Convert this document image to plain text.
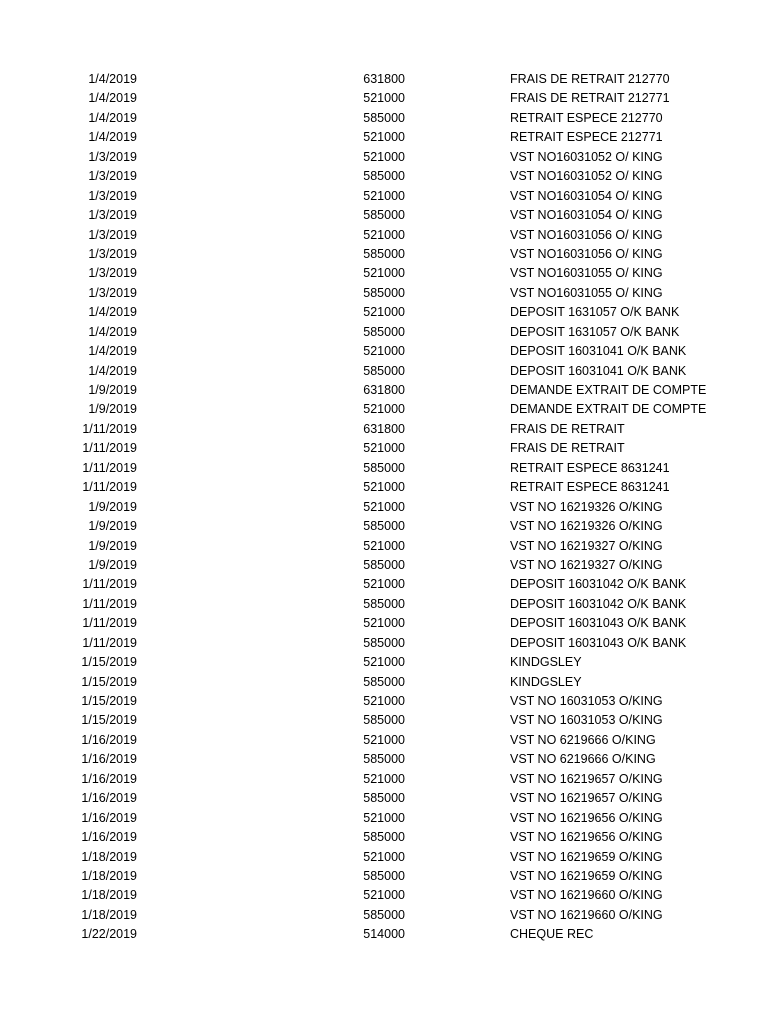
1/4/2019	631800	FRAIS DE RETRAIT 212770
1/4/2019	521000	FRAIS DE RETRAIT 212771
1/4/2019	585000	RETRAIT ESPECE 212770
1/4/2019	521000	RETRAIT ESPECE 212771
1/3/2019	521000	VST NO16031052 O/ KING
1/3/2019	585000	VST NO16031052 O/ KING
1/3/2019	521000	VST NO16031054 O/ KING
1/3/2019	585000	VST NO16031054 O/ KING
1/3/2019	521000	VST NO16031056 O/ KING
1/3/2019	585000	VST NO16031056 O/ KING
1/3/2019	521000	VST NO16031055 O/ KING
1/3/2019	585000	VST NO16031055 O/ KING
1/4/2019	521000	DEPOSIT 1631057 O/K BANK
1/4/2019	585000	DEPOSIT 1631057 O/K BANK
1/4/2019	521000	DEPOSIT 16031041 O/K BANK
1/4/2019	585000	DEPOSIT 16031041 O/K BANK
1/9/2019	631800	DEMANDE EXTRAIT DE COMPTE
1/9/2019	521000	DEMANDE EXTRAIT DE COMPTE
1/11/2019	631800	FRAIS DE RETRAIT
1/11/2019	521000	FRAIS DE RETRAIT
1/11/2019	585000	RETRAIT ESPECE 8631241
1/11/2019	521000	RETRAIT ESPECE 8631241
1/9/2019	521000	VST NO 16219326 O/KING
1/9/2019	585000	VST NO 16219326 O/KING
1/9/2019	521000	VST NO 16219327 O/KING
1/9/2019	585000	VST NO 16219327 O/KING
1/11/2019	521000	DEPOSIT 16031042 O/K BANK
1/11/2019	585000	DEPOSIT 16031042 O/K BANK
1/11/2019	521000	DEPOSIT 16031043 O/K BANK
1/11/2019	585000	DEPOSIT 16031043 O/K BANK
1/15/2019	521000	KINDGSLEY
1/15/2019	585000	KINDGSLEY
1/15/2019	521000	VST NO 16031053 O/KING
1/15/2019	585000	VST NO 16031053 O/KING
1/16/2019	521000	VST NO 6219666 O/KING
1/16/2019	585000	VST NO 6219666 O/KING
1/16/2019	521000	VST NO 16219657 O/KING
1/16/2019	585000	VST NO 16219657 O/KING
1/16/2019	521000	VST NO 16219656 O/KING
1/16/2019	585000	VST NO 16219656 O/KING
1/18/2019	521000	VST NO 16219659 O/KING
1/18/2019	585000	VST NO 16219659 O/KING
1/18/2019	521000	VST NO 16219660 O/KING
1/18/2019	585000	VST NO 16219660 O/KING
1/22/2019	514000	CHEQUE REC
